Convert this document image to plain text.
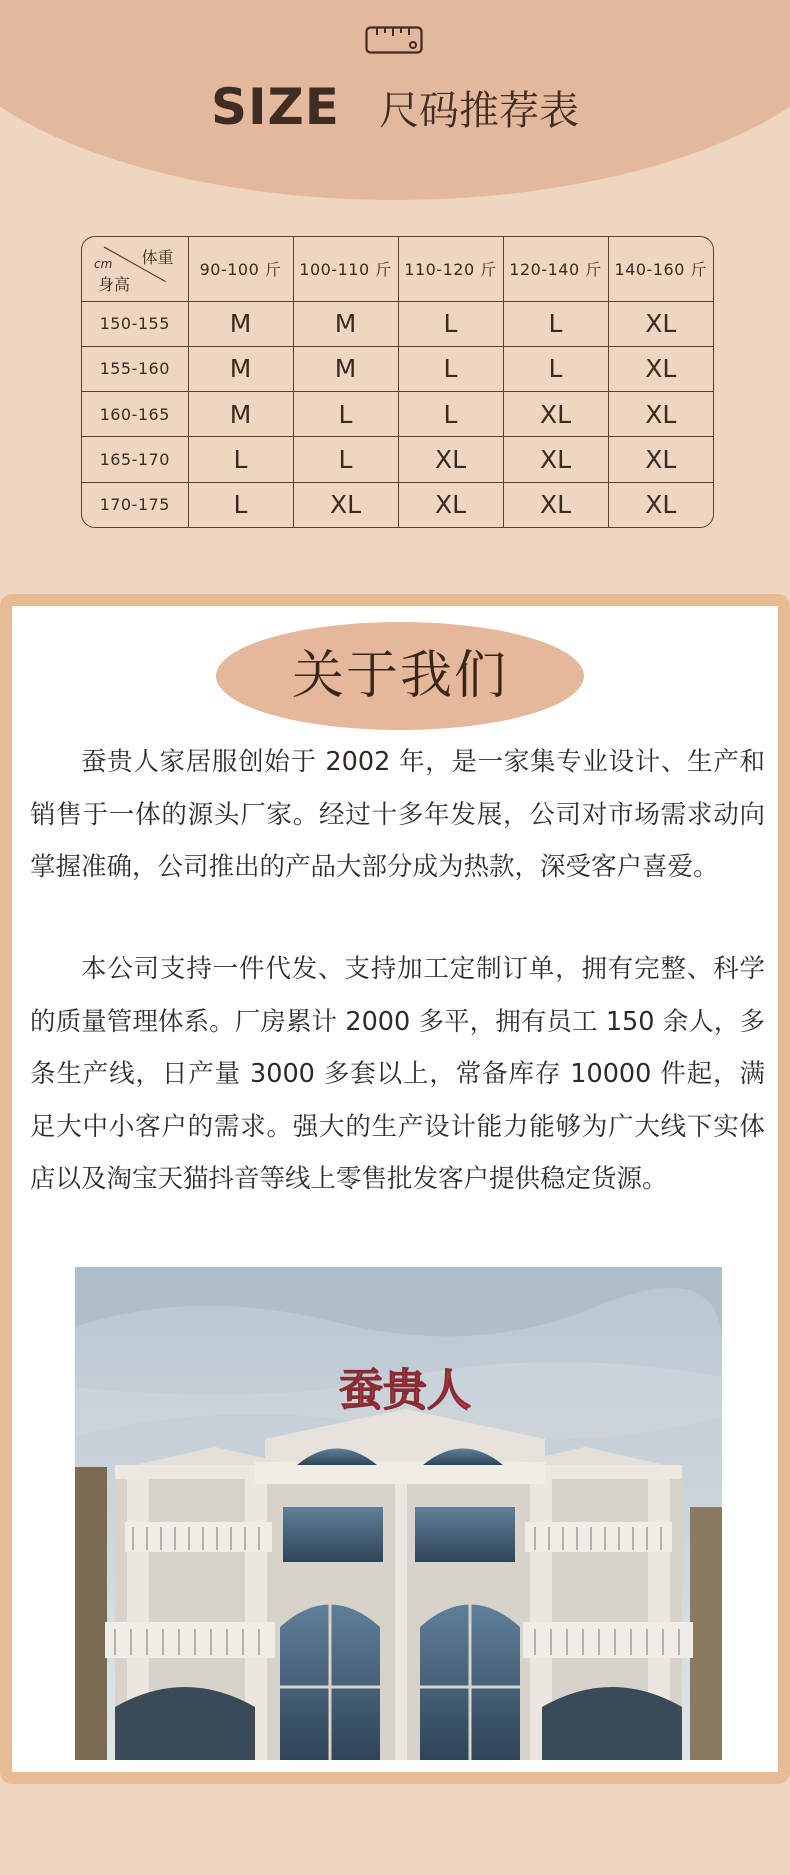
SIZE 尺码推荐表
体重
cm
身高	90-100 斤	100-110 斤	110-120 斤	120-140 斤	140-160 斤
150-155	M	M	L	L	XL
155-160	M	M	L	L	XL
160-165	M	L	L	XL	XL
165-170	L	L	XL	XL	XL
170-175	L	XL	XL	XL	XL
关于我们

蚕贵人家居服创始于 2002 年，是一家集专业设计、生产和销售于一体的源头厂家。经过十多年发展，公司对市场需求动向掌握准确，公司推出的产品大部分成为热款，深受客户喜爱。

本公司支持一件代发、支持加工定制订单，拥有完整、科学的质量管理体系。厂房累计 2000 多平，拥有员工 150 余人，多条生产线，日产量 3000 多套以上，常备库存 10000 件起，满足大中小客户的需求。强大的生产设计能力能够为广大线下实体店以及淘宝天猫抖音等线上零售批发客户提供稳定货源。

蚕贵人
